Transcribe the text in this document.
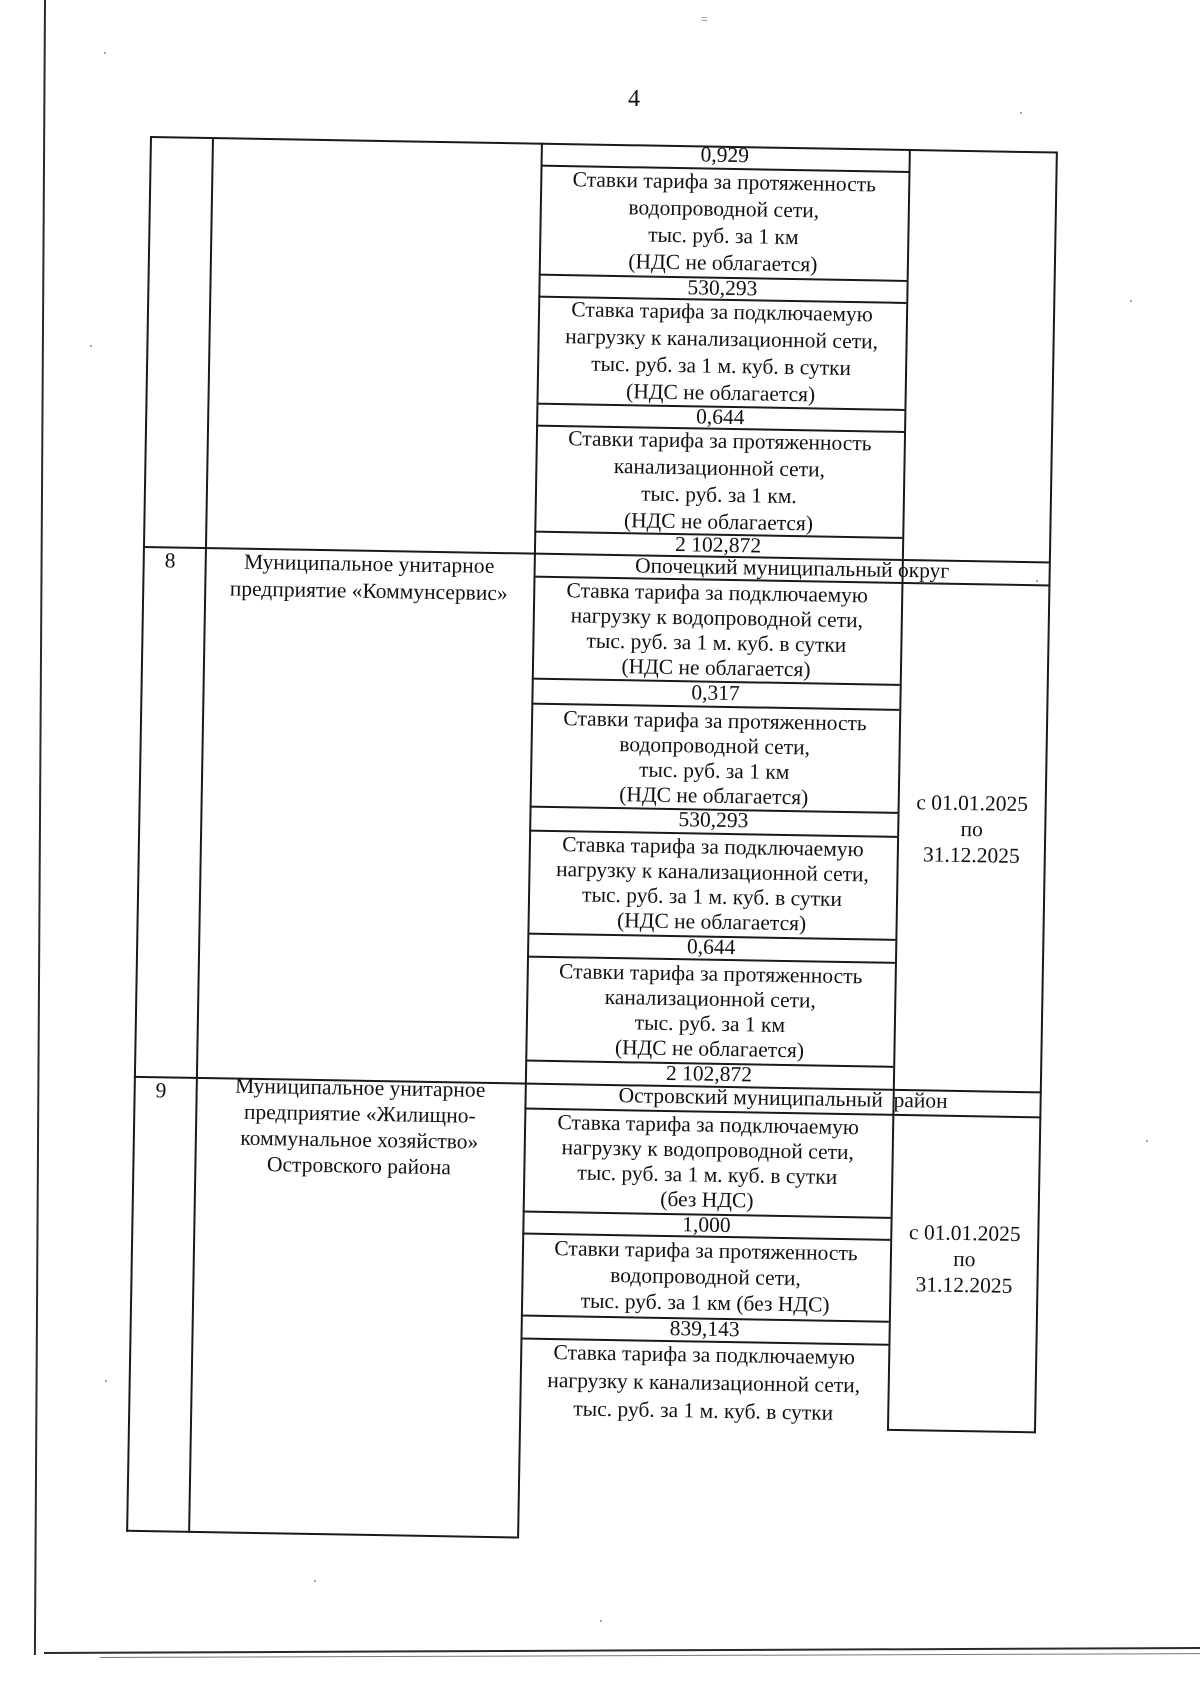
=
4
0,929
Ставки тарифа за протяженность
водопроводной сети,
тыс. руб. за 1 км
(НДС не облагается)
530,293
Ставка тарифа за подключаемую
нагрузку к канализационной сети,
тыс. руб. за 1 м. куб. в сутки
(НДС не облагается)
0,644
Ставки тарифа за протяженность
канализационной сети,
тыс. руб. за 1 км.
(НДС не облагается)
2 102,872
8	Муниципальное унитарное
предприятие «Коммунсервис»
Опочецкий муниципальный округ
Ставка тарифа за подключаемую
нагрузку к водопроводной сети,
тыс. руб. за 1 м. куб. в сутки
(НДС не облагается)
0,317
Ставки тарифа за протяженность
водопроводной сети,
тыс. руб. за 1 км
(НДС не облагается)
530,293
Ставка тарифа за подключаемую
нагрузку к канализационной сети,
тыс. руб. за 1 м. куб. в сутки
(НДС не облагается)
0,644
Ставки тарифа за протяженность
канализационной сети,
тыс. руб. за 1 км
(НДС не облагается)
2 102,872
с 01.01.2025
по
31.12.2025
9	Муниципальное унитарное
предприятие «Жилищно-
коммунальное хозяйство»
Островского района
Островский муниципальный  район
Ставка тарифа за подключаемую
нагрузку к водопроводной сети,
тыс. руб. за 1 м. куб. в сутки
(без НДС)
1,000
Ставки тарифа за протяженность
водопроводной сети,
тыс. руб. за 1 км (без НДС)
839,143
Ставка тарифа за подключаемую
нагрузку к канализационной сети,
тыс. руб. за 1 м. куб. в сутки
с 01.01.2025
по
31.12.2025
